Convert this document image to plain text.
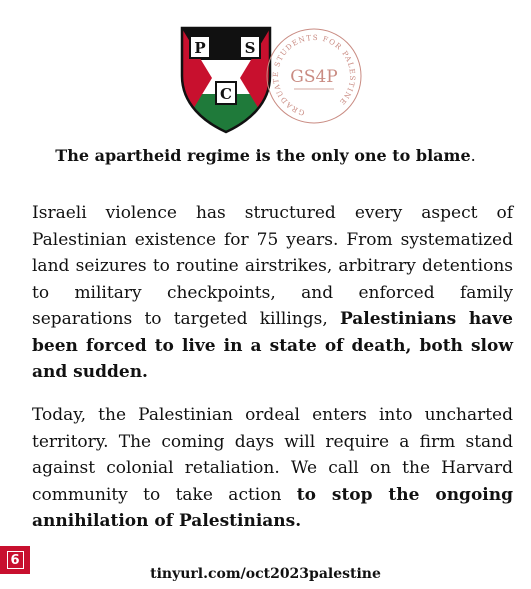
P	S
C
GRADUATE STUDENTS FOR PALESTINE
GS4P

The apartheid regime is the only one to blame.

Israeli violence has structured every aspect of Palestinian existence for 75 years. From systematized land seizures to routine airstrikes, arbitrary detentions to military checkpoints, and enforced family separations to targeted killings, Palestinians have been forced to live in a state of death, both slow and sudden.

Today, the Palestinian ordeal enters into uncharted territory. The coming days will require a firm stand against colonial retaliation. We call on the Harvard community to take action to stop the ongoing annihilation of Palestinians.

6

tinyurl.com/oct2023palestine
